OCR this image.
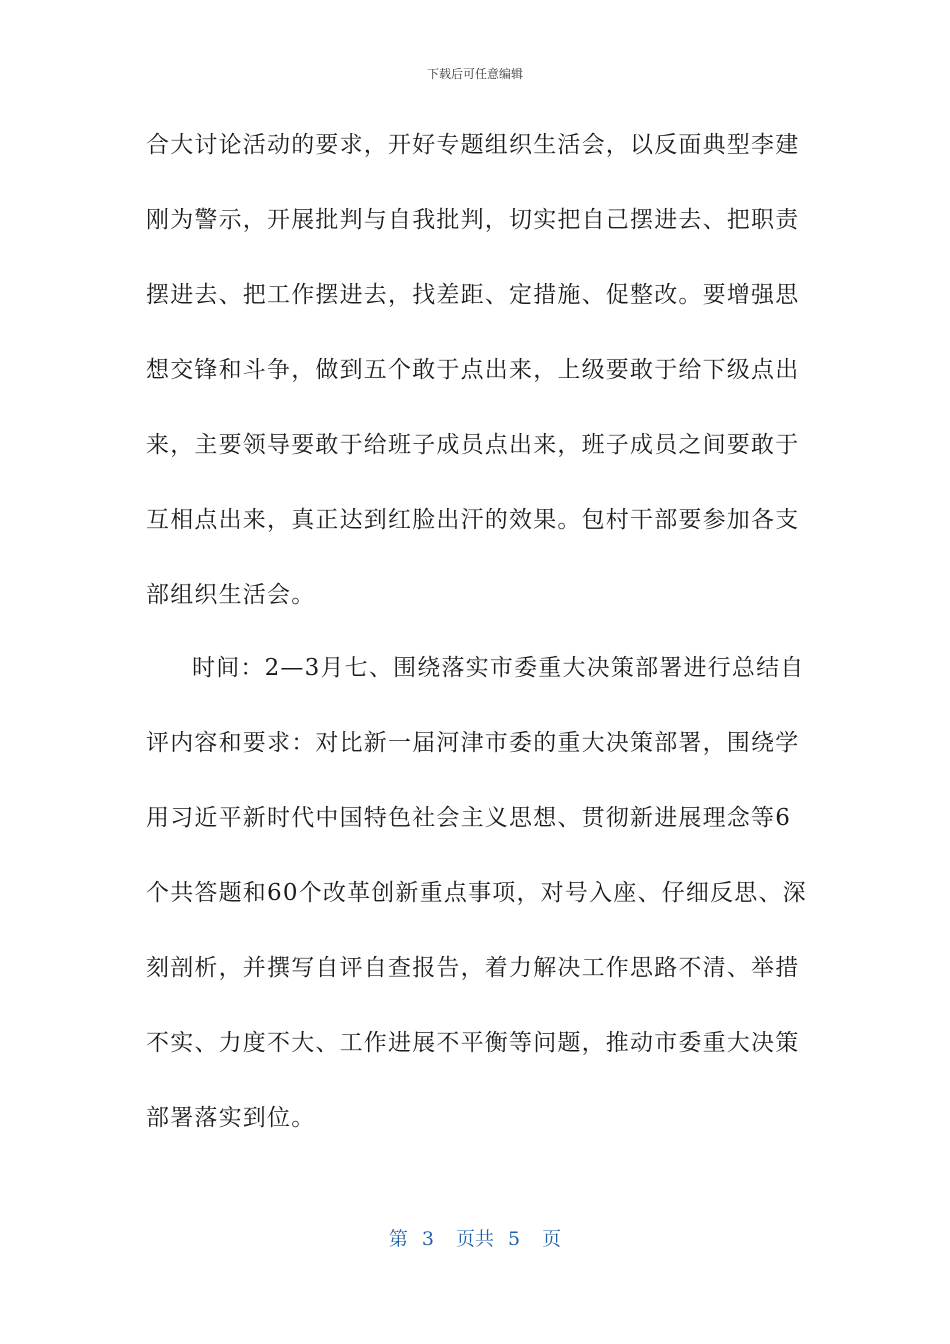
下载后可任意编辑
合大讨论活动的要求，开好专题组织生活会，以反面典型李建
刚为警示，开展批判与自我批判，切实把自己摆进去、把职责
摆进去、把工作摆进去，找差距、定措施、促整改。要增强思
想交锋和斗争，做到五个敢于点出来，上级要敢于给下级点出
来，主要领导要敢于给班子成员点出来，班子成员之间要敢于
互相点出来，真正达到红脸出汗的效果。包村干部要参加各支
部组织生活会。
时间：2—3月七、围绕落实市委重大决策部署进行总结自
评内容和要求：对比新一届河津市委的重大决策部署，围绕学
用习近平新时代中国特色社会主义思想、贯彻新进展理念等6
个共答题和60个改革创新重点事项，对号入座、仔细反思、深
刻剖析，并撰写自评自查报告，着力解决工作思路不清、举措
不实、力度不大、工作进展不平衡等问题，推动市委重大决策
部署落实到位。
第 3 页共 5 页
